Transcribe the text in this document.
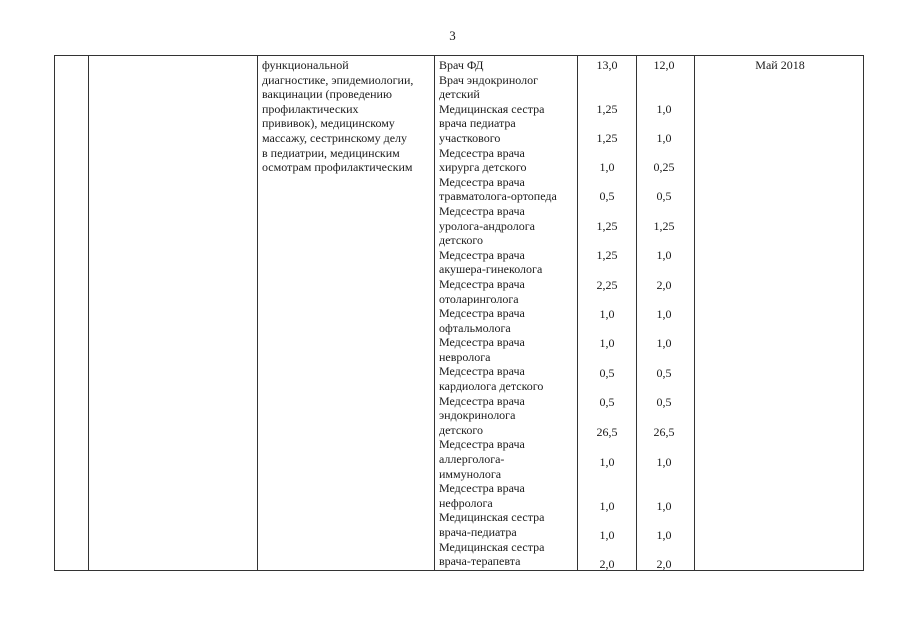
3
функциональной
диагностике, эпидемиологии,
вакцинации (проведению
профилактических
прививок), медицинскому
массажу, сестринскому делу
в педиатрии, медицинским
осмотрам профилактическим
Врач ФД
Врач эндокринолог
детский
Медицинская сестра
врача педиатра
участкового
Медсестра врача
хирурга детского
Медсестра врача
травматолога-ортопеда
Медсестра врача
уролога-андролога
детского
Медсестра врача
акушера-гинеколога
Медсестра врача
отоларинголога
Медсестра врача
офтальмолога
Медсестра врача
невролога
Медсестра врача
кардиолога детского
Медсестра врача
эндокринолога
детского
Медсестра врача
аллерголога-
иммунолога
Медсестра врача
нефролога
Медицинская сестра
врача-педиатра
Медицинская сестра
врача-терапевта
13,0
1,25
1,25
1,0
0,5
1,25
1,25
2,25
1,0
1,0
0,5
0,5
26,5
1,0
1,0
1,0
2,0
12,0
1,0
1,0
0,25
0,5
1,25
1,0
2,0
1,0
1,0
0,5
0,5
26,5
1,0
1,0
1,0
2,0
Май 2018
